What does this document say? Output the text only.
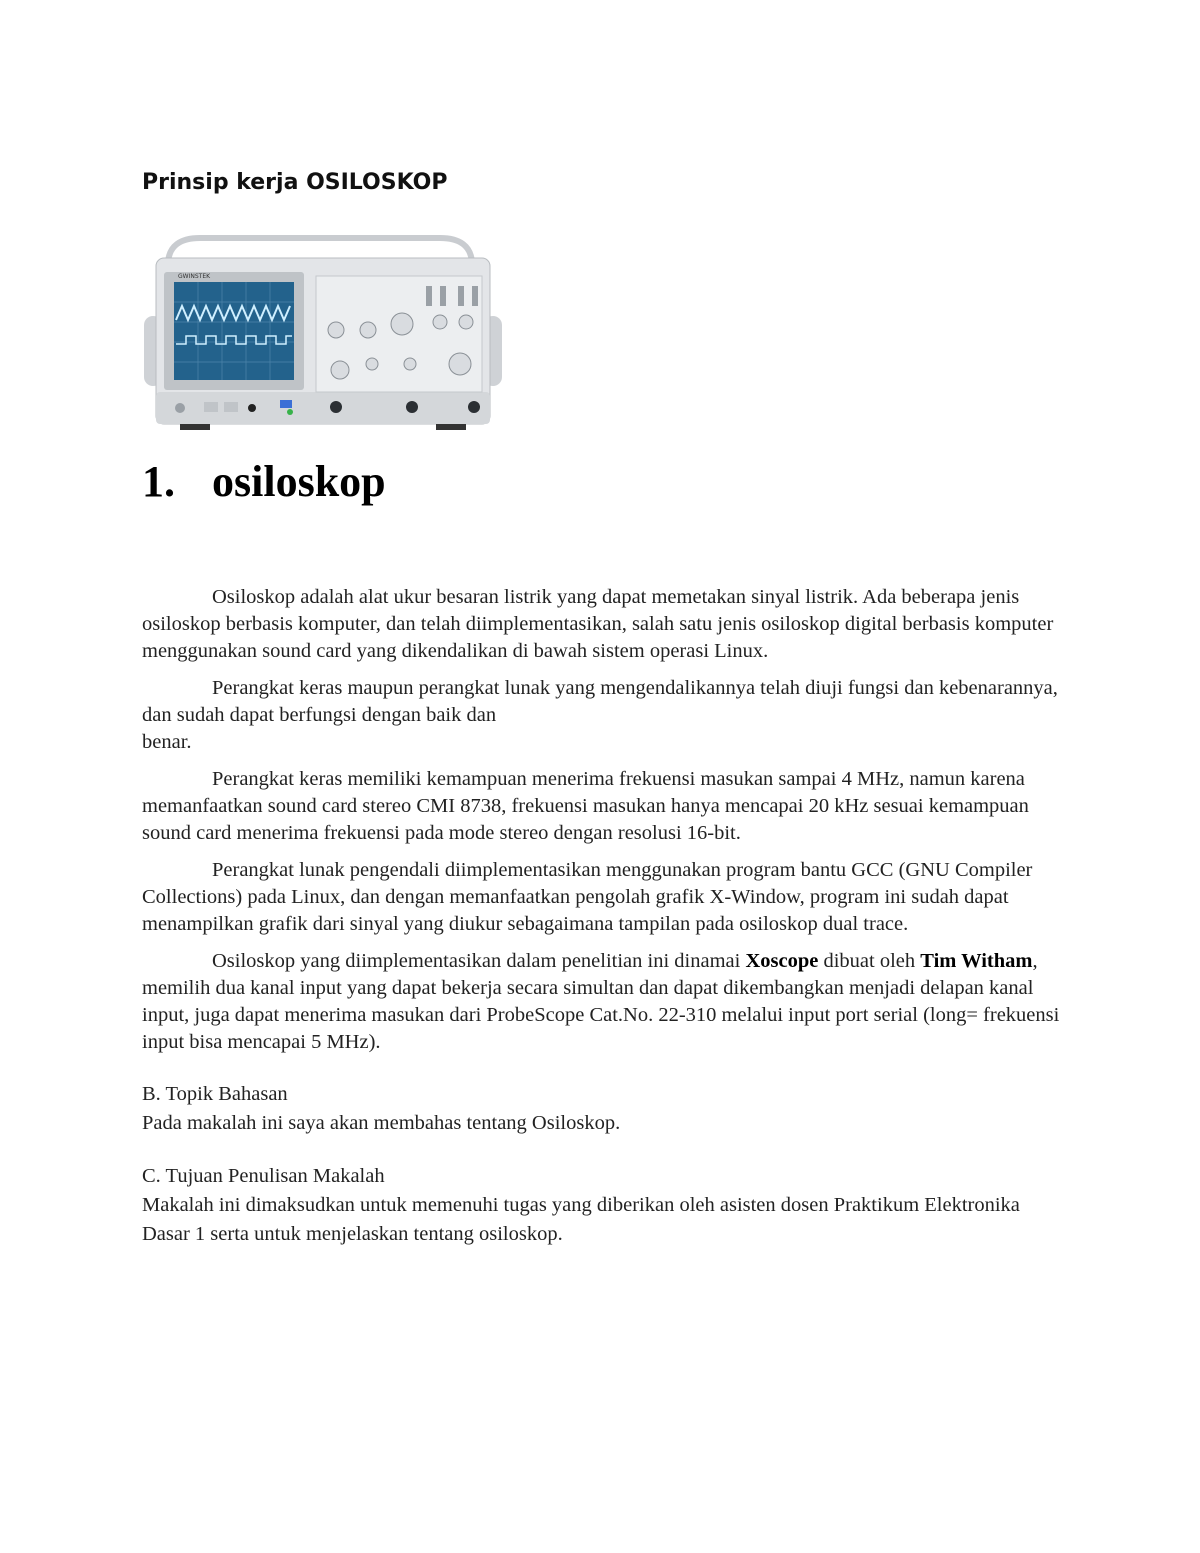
Prinsip kerja OSILOSKOP
GWINSTEK
1. osiloskop

Osiloskop adalah alat ukur besaran listrik yang dapat memetakan sinyal listrik. Ada beberapa jenis osiloskop berbasis komputer, dan telah diimplementasikan, salah satu jenis osiloskop digital berbasis komputer menggunakan sound card yang dikendalikan di bawah sistem operasi Linux.

Perangkat keras maupun perangkat lunak yang mengendalikannya telah diuji fungsi dan kebenarannya, dan sudah dapat berfungsi dengan baik dan
benar.

Perangkat keras memiliki kemampuan menerima frekuensi masukan sampai 4 MHz, namun karena memanfaatkan sound card stereo CMI 8738, frekuensi masukan hanya mencapai 20 kHz sesuai kemampuan sound card menerima frekuensi pada mode stereo dengan resolusi 16-bit.

Perangkat lunak pengendali diimplementasikan menggunakan program bantu GCC (GNU Compiler Collections) pada Linux, dan dengan memanfaatkan pengolah grafik X-Window, program ini sudah dapat menampilkan grafik dari sinyal yang diukur sebagaimana tampilan pada osiloskop dual trace.

Osiloskop yang diimplementasikan dalam penelitian ini dinamai Xoscope dibuat oleh Tim Witham, memilih dua kanal input yang dapat bekerja secara simultan dan dapat dikembangkan menjadi delapan kanal input, juga dapat menerima masukan dari ProbeScope Cat.No. 22-310 melalui input port serial (long= frekuensi input bisa mencapai 5 MHz).

B. Topik Bahasan
Pada makalah ini saya akan membahas tentang Osiloskop.
C. Tujuan Penulisan Makalah
Makalah ini dimaksudkan untuk memenuhi tugas yang diberikan oleh asisten dosen Praktikum Elektronika Dasar 1 serta untuk menjelaskan tentang osiloskop.
